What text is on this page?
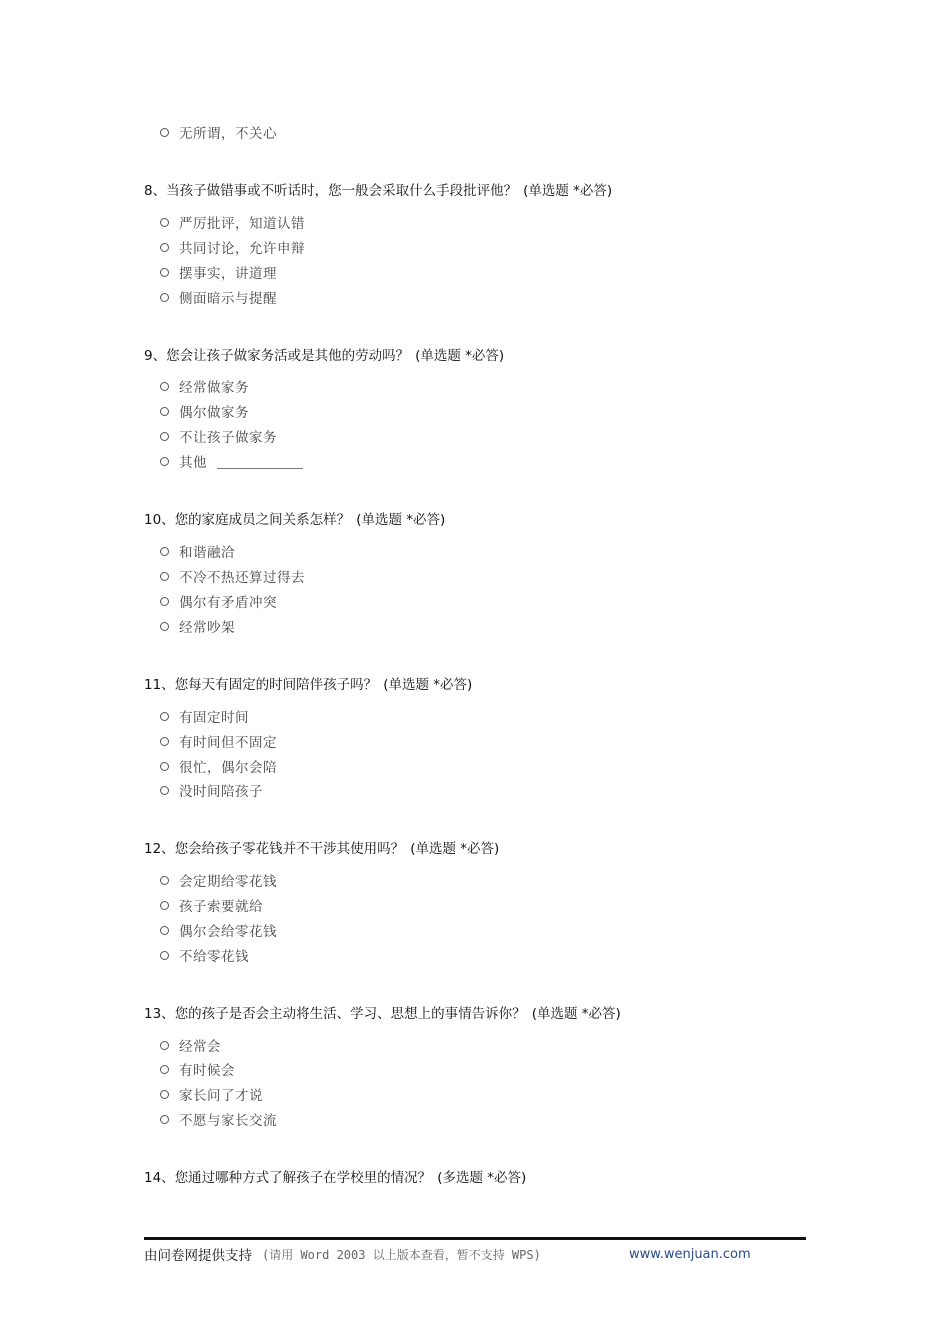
无所谓，不关心
8、 当孩子做错事或不听话时，您一般会采取什么手段批评他？ (单选题 *必答)
严厉批评，知道认错
共同讨论，允许申辩
摆事实，讲道理
侧面暗示与提醒
9、 您会让孩子做家务活或是其他的劳动吗？ (单选题 *必答)
经常做家务
偶尔做家务
不让孩子做家务
其他
10、 您的家庭成员之间关系怎样？ (单选题 *必答)
和谐融洽
不冷不热还算过得去
偶尔有矛盾冲突
经常吵架
11、 您每天有固定的时间陪伴孩子吗？ (单选题 *必答)
有固定时间
有时间但不固定
很忙，偶尔会陪
没时间陪孩子
12、 您会给孩子零花钱并不干涉其使用吗？ (单选题 *必答)
会定期给零花钱
孩子索要就给
偶尔会给零花钱
不给零花钱
13、 您的孩子是否会主动将生活、学习、思想上的事情告诉你？ (单选题 *必答)
经常会
有时候会
家长问了才说
不愿与家长交流
14、 您通过哪种方式了解孩子在学校里的情况？ (多选题 *必答)
由问卷网提供支持 (请用 Word 2003 以上版本查看，暂不支持 WPS)	www.wenjuan.com
